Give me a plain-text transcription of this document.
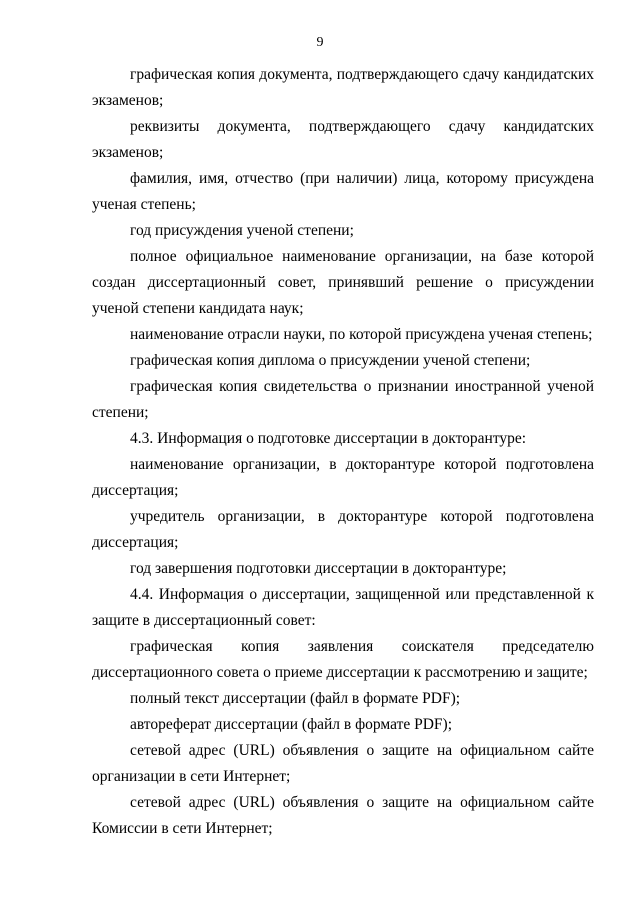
9

графическая копия документа, подтверждающего сдачу кандидатских экзаменов;

реквизиты документа, подтверждающего сдачу кандидатских экзаменов;

фамилия, имя, отчество (при наличии) лица, которому присуждена ученая степень;

год присуждения ученой степени;

полное официальное наименование организации, на базе которой создан диссертационный совет, принявший решение о присуждении ученой степени кандидата наук;

наименование отрасли науки, по которой присуждена ученая степень;

графическая копия диплома о присуждении ученой степени;

графическая копия свидетельства о признании иностранной ученой степени;

4.3. Информация о подготовке диссертации в докторантуре:

наименование организации, в докторантуре которой подготовлена диссертация;

учредитель организации, в докторантуре которой подготовлена диссертация;

год завершения подготовки диссертации в докторантуре;

4.4. Информация о диссертации, защищенной или представленной к защите в диссертационный совет:

графическая копия заявления соискателя председателю диссертационного совета о приеме диссертации к рассмотрению и защите;

полный текст диссертации (файл в формате PDF);

автореферат диссертации (файл в формате PDF);

сетевой адрес (URL) объявления о защите на официальном сайте организации в сети Интернет;

сетевой адрес (URL) объявления о защите на официальном сайте Комиссии в сети Интернет;
